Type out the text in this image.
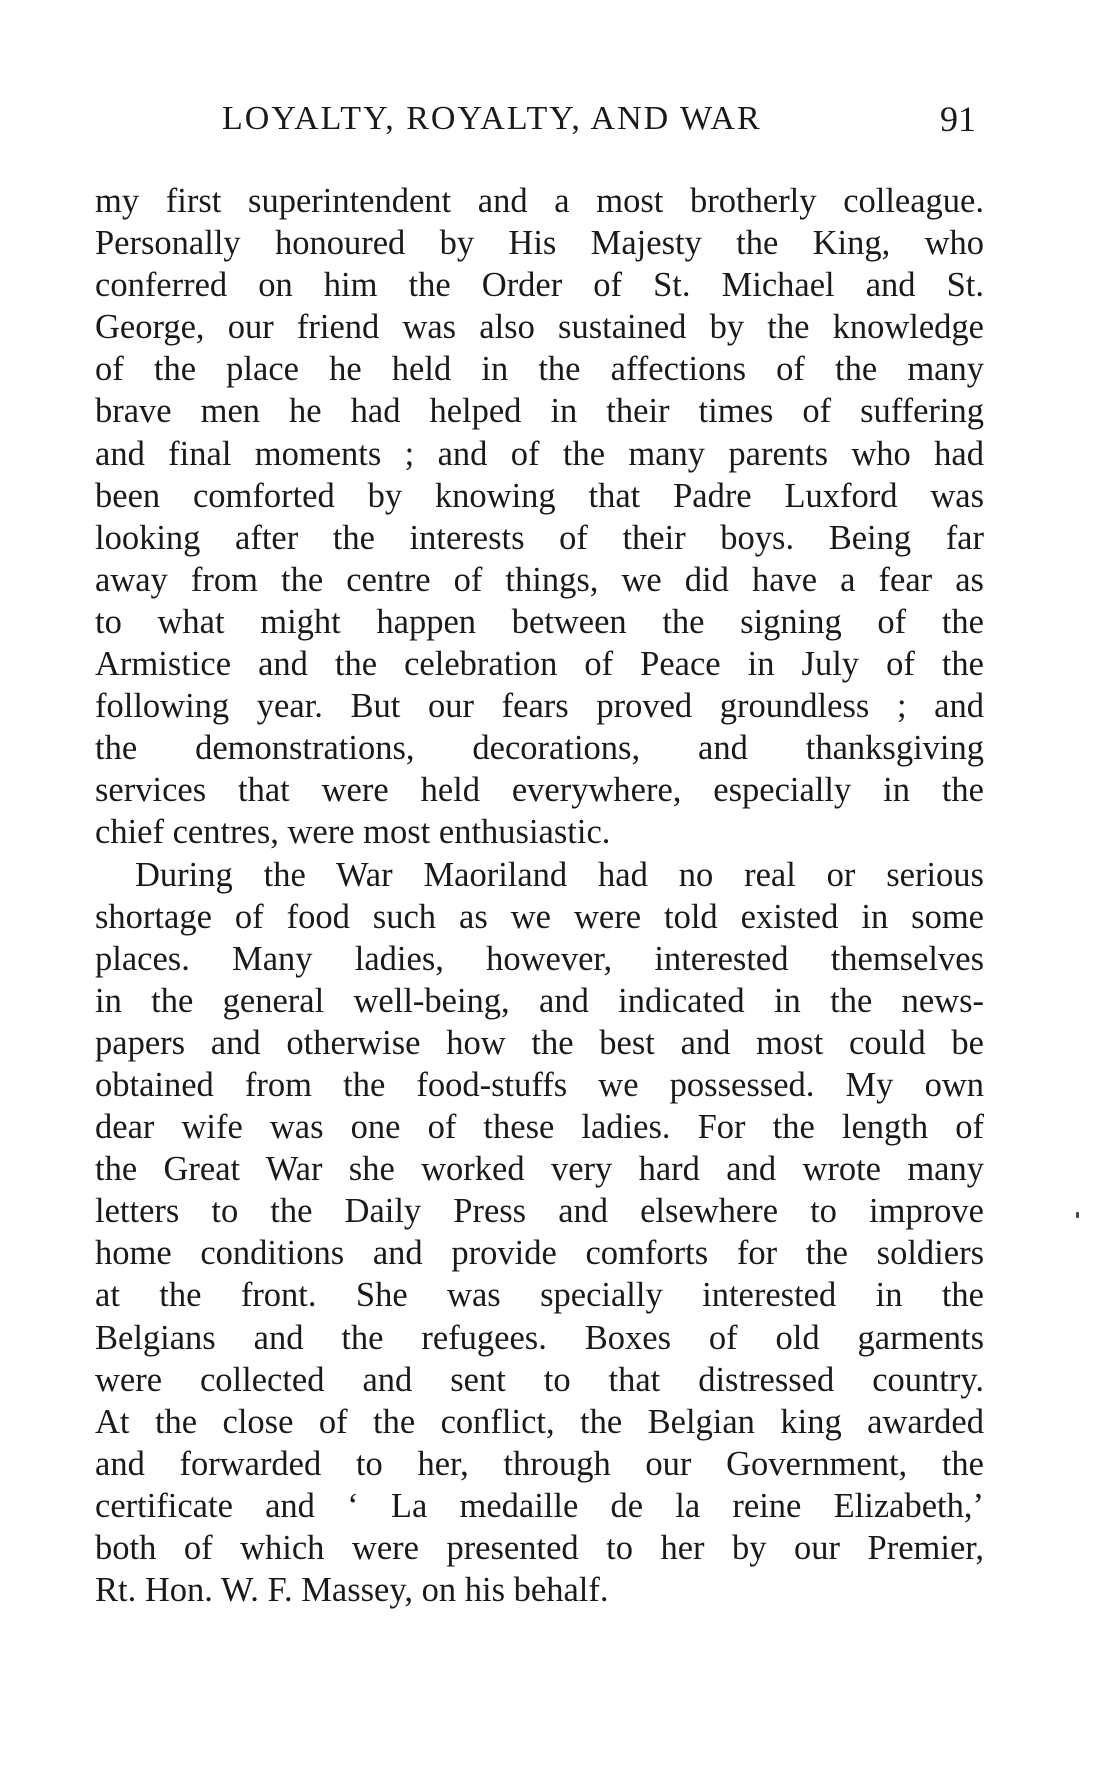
LOYALTY, ROYALTY, AND WAR	91
my first superintendent and a most brotherly colleague.
Personally honoured by His Majesty the King, who
conferred on him the Order of St. Michael and St.
George, our friend was also sustained by the knowledge
of the place he held in the affections of the many
brave men he had helped in their times of suffering
and final moments ; and of the many parents who had
been comforted by knowing that Padre Luxford was
looking after the interests of their boys. Being far
away from the centre of things, we did have a fear as
to what might happen between the signing of the
Armistice and the celebration of Peace in July of the
following year. But our fears proved groundless ; and
the demonstrations, decorations, and thanksgiving
services that were held everywhere, especially in the
chief centres, were most enthusiastic.
During the War Maoriland had no real or serious
shortage of food such as we were told existed in some
places. Many ladies, however, interested themselves
in the general well-being, and indicated in the news-
papers and otherwise how the best and most could be
obtained from the food-stuffs we possessed. My own
dear wife was one of these ladies. For the length of
the Great War she worked very hard and wrote many
letters to the Daily Press and elsewhere to improve
home conditions and provide comforts for the soldiers
at the front. She was specially interested in the
Belgians and the refugees. Boxes of old garments
were collected and sent to that distressed country.
At the close of the conflict, the Belgian king awarded
and forwarded to her, through our Government, the
certificate and ‘ La medaille de la reine Elizabeth,’
both of which were presented to her by our Premier,
Rt. Hon. W. F. Massey, on his behalf.
